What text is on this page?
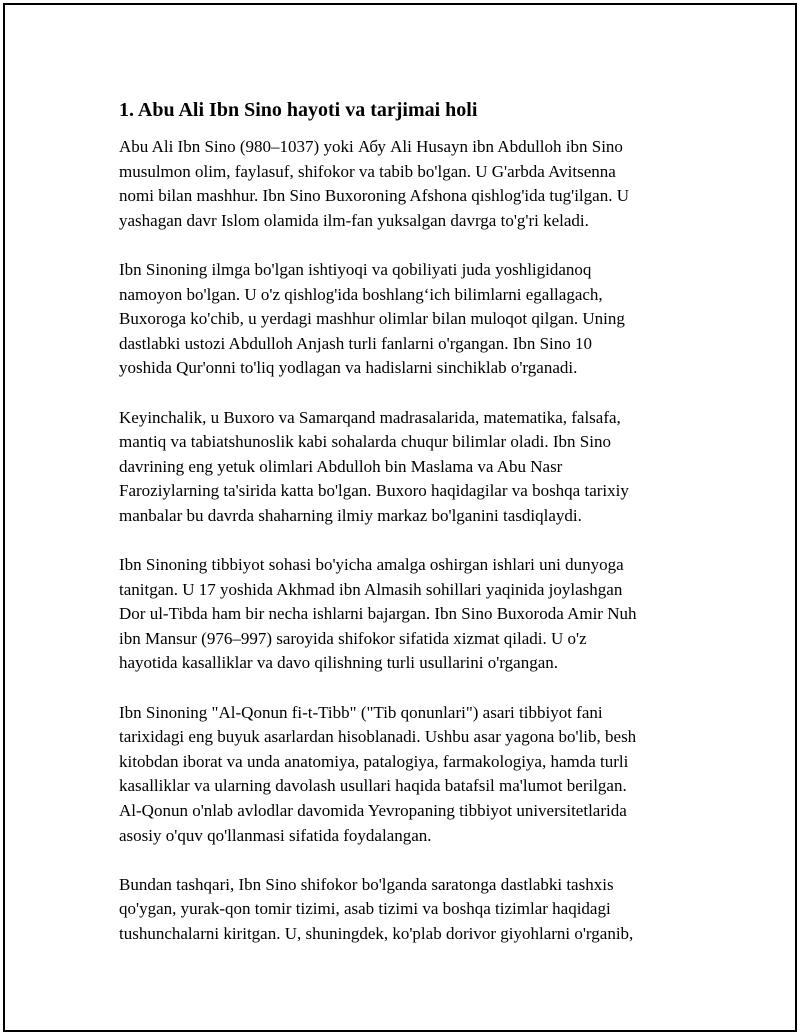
1. Abu Ali Ibn Sino hayoti va tarjimai holi
Abu Ali Ibn Sino (980–1037) yoki Абу Ali Husayn ibn Abdulloh ibn Sino
musulmon olim, faylasuf, shifokor va tabib bo'lgan. U G'arbda Avitsenna
nomi bilan mashhur. Ibn Sino Buxoroning Afshona qishlog'ida tug'ilgan. U
yashagan davr Islom olamida ilm-fan yuksalgan davrga to'g'ri keladi.
Ibn Sinoning ilmga bo'lgan ishtiyoqi va qobiliyati juda yoshligidanoq
namoyon bo'lgan. U o'z qishlog'ida boshlang‘ich bilimlarni egallagach,
Buxoroga ko'chib, u yerdagi mashhur olimlar bilan muloqot qilgan. Uning
dastlabki ustozi Abdulloh Anjash turli fanlarni o'rgangan. Ibn Sino 10
yoshida Qur'onni to'liq yodlagan va hadislarni sinchiklab o'rganadi.
Keyinchalik, u Buxoro va Samarqand madrasalarida, matematika, falsafa,
mantiq va tabiatshunoslik kabi sohalarda chuqur bilimlar oladi. Ibn Sino
davrining eng yetuk olimlari Abdulloh bin Maslama va Abu Nasr
Faroziylarning ta'sirida katta bo'lgan. Buxoro haqidagilar va boshqa tarixiy
manbalar bu davrda shaharning ilmiy markaz bo'lganini tasdiqlaydi.
Ibn Sinoning tibbiyot sohasi bo'yicha amalga oshirgan ishlari uni dunyoga
tanitgan. U 17 yoshida Akhmad ibn Almasih sohillari yaqinida joylashgan
Dor ul-Tibda ham bir necha ishlarni bajargan. Ibn Sino Buxoroda Amir Nuh
ibn Mansur (976–997) saroyida shifokor sifatida xizmat qiladi. U o'z
hayotida kasalliklar va davo qilishning turli usullarini o'rgangan.
Ibn Sinoning "Al-Qonun fi-t-Tibb" ("Tib qonunlari") asari tibbiyot fani
tarixidagi eng buyuk asarlardan hisoblanadi. Ushbu asar yagona bo'lib, besh
kitobdan iborat va unda anatomiya, patalogiya, farmakologiya, hamda turli
kasalliklar va ularning davolash usullari haqida batafsil ma'lumot berilgan.
Al-Qonun o'nlab avlodlar davomida Yevropaning tibbiyot universitetlarida
asosiy o'quv qo'llanmasi sifatida foydalangan.
Bundan tashqari, Ibn Sino shifokor bo'lganda saratonga dastlabki tashxis
qo'ygan, yurak-qon tomir tizimi, asab tizimi va boshqa tizimlar haqidagi
tushunchalarni kiritgan. U, shuningdek, ko'plab dorivor giyohlarni o'rganib,
